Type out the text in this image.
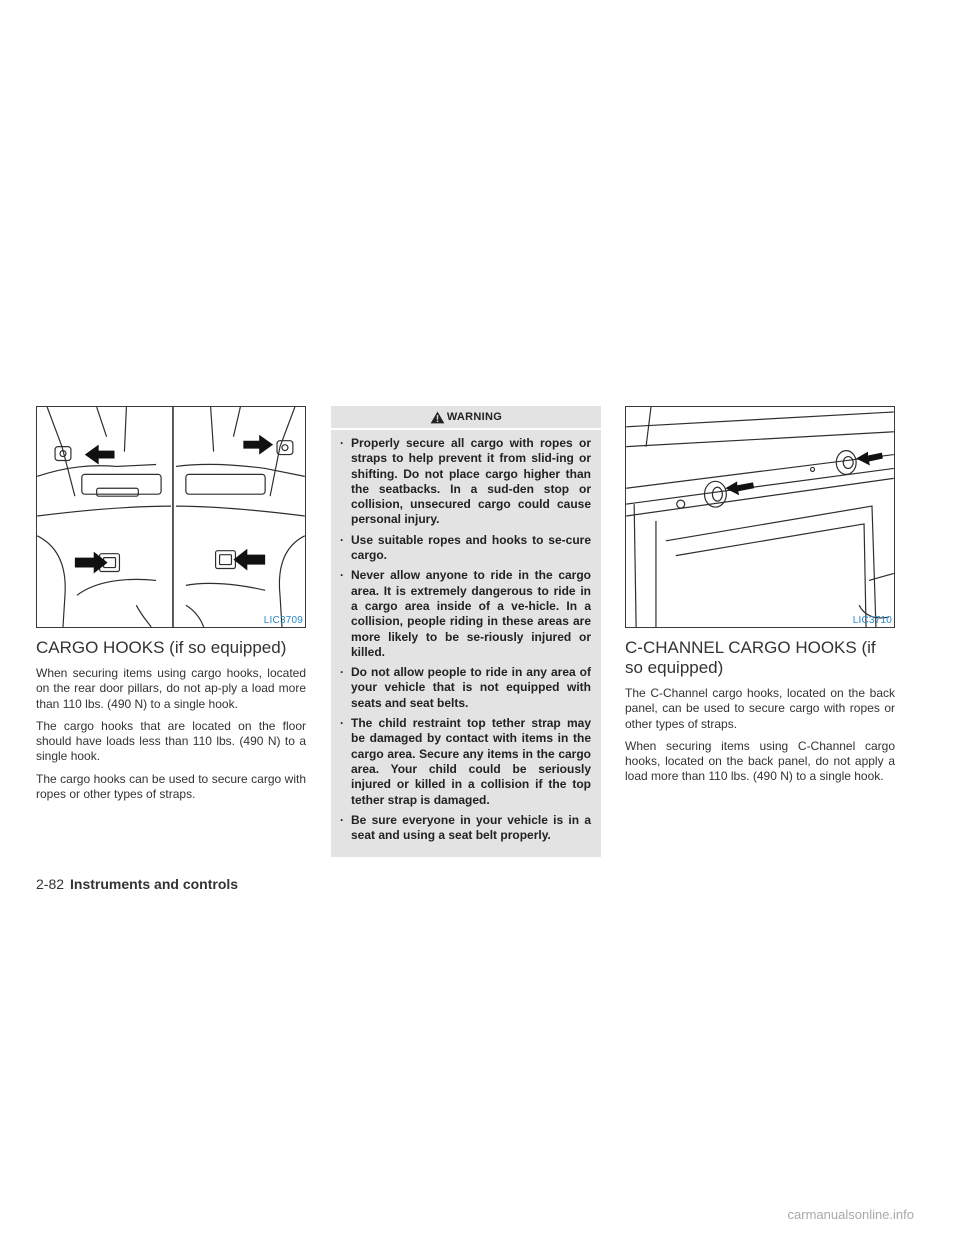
LIC3709
CARGO HOOKS (if so equipped)

When securing items using cargo hooks, located on the rear door pillars, do not ap-ply a load more than 110 lbs. (490 N) to a single hook.

The cargo hooks that are located on the floor should have loads less than 110 lbs. (490 N) to a single hook.

The cargo hooks can be used to secure cargo with ropes or other types of straps.

WARNING
· Properly secure all cargo with ropes or straps to help prevent it from slid-ing or shifting. Do not place cargo higher than the seatbacks. In a sud-den stop or collision, unsecured cargo could cause personal injury.
· Use suitable ropes and hooks to se-cure cargo.
· Never allow anyone to ride in the cargo area. It is extremely dangerous to ride in a cargo area inside of a ve-hicle. In a collision, people riding in these areas are more likely to be se-riously injured or killed.
· Do not allow people to ride in any area of your vehicle that is not equipped with seats and seat belts.
· The child restraint top tether strap may be damaged by contact with items in the cargo area. Secure any items in the cargo area. Your child could be seriously injured or killed in a collision if the top tether strap is damaged.
· Be sure everyone in your vehicle is in a seat and using a seat belt properly.
LIC3710
C-CHANNEL CARGO HOOKS (if so equipped)

The C-Channel cargo hooks, located on the back panel, can be used to secure cargo with ropes or other types of straps.

When securing items using C-Channel cargo hooks, located on the back panel, do not apply a load more than 110 lbs. (490 N) to a single hook.

2-82 Instruments and controls
carmanualsonline.info
